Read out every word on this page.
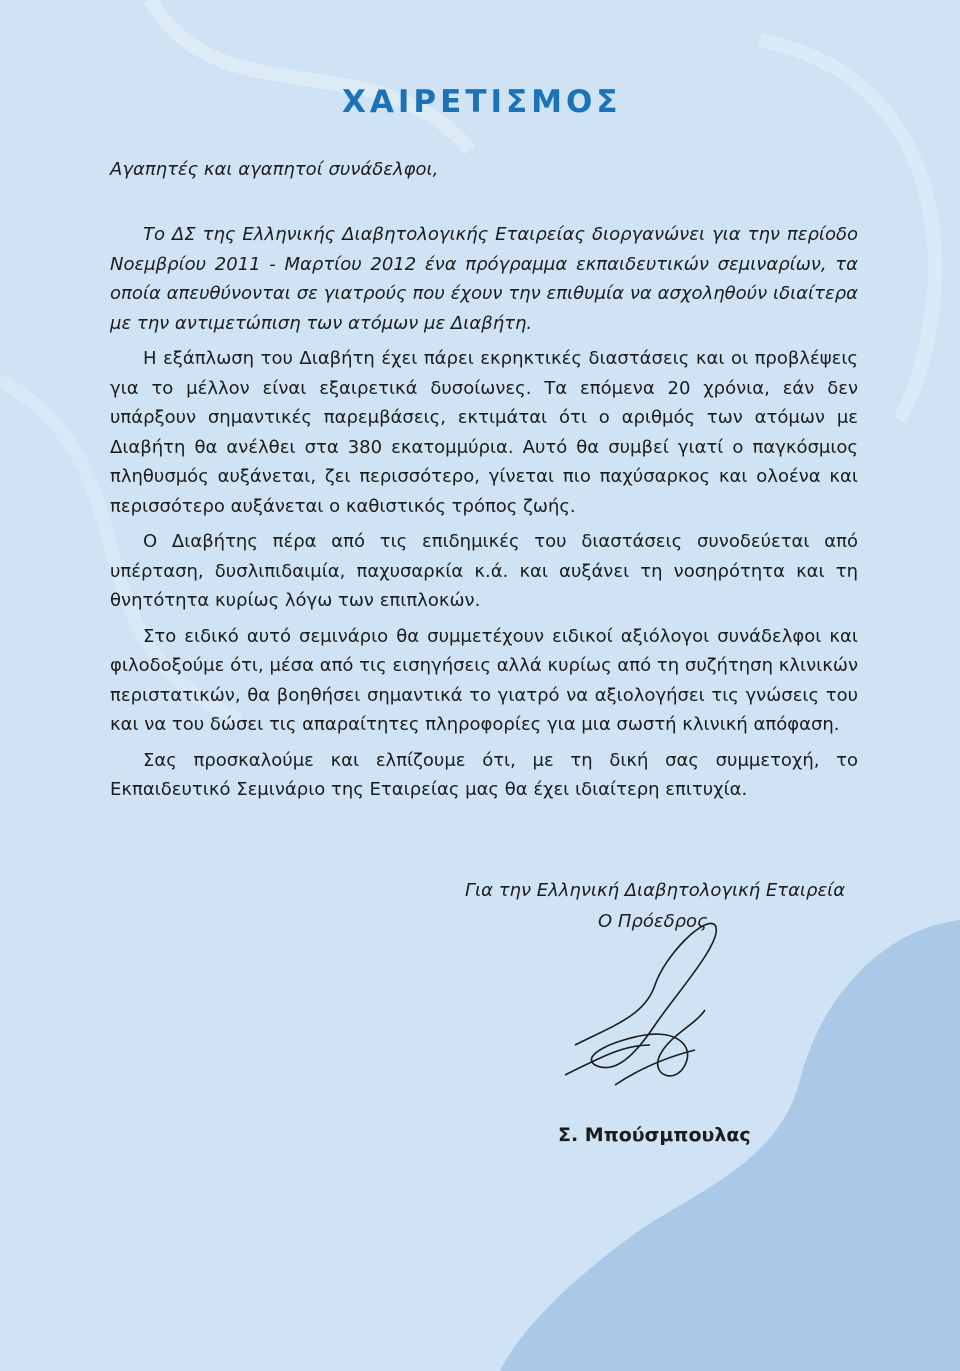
ΧΑΙΡΕΤΙΣΜΟΣ

Αγαπητές και αγαπητοί συνάδελφοι,

Το ΔΣ της Ελληνικής Διαβητολογικής Εταιρείας διοργανώνει για την περίοδο Νοεμβρίου 2011 - Μαρτίου 2012 ένα πρόγραμμα εκπαιδευτικών σεμιναρίων, τα οποία απευθύνονται σε γιατρούς που έχουν την επιθυμία να ασχοληθούν ιδιαίτερα με την αντιμετώπιση των ατόμων με Διαβήτη.

Η εξάπλωση του Διαβήτη έχει πάρει εκρηκτικές διαστάσεις και οι προβλέψεις για το μέλλον είναι εξαιρετικά δυσοίωνες. Τα επόμενα 20 χρόνια, εάν δεν υπάρξουν σημαντικές παρεμβάσεις, εκτιμάται ότι ο αριθμός των ατόμων με Διαβήτη θα ανέλθει στα 380 εκατομμύρια. Αυτό θα συμβεί γιατί ο παγκόσμιος πληθυσμός αυξάνεται, ζει περισσότερο, γίνεται πιο παχύσαρκος και ολοένα και περισσότερο αυξάνεται ο καθιστικός τρόπος ζωής.

Ο Διαβήτης πέρα από τις επιδημικές του διαστάσεις συνοδεύεται από υπέρταση, δυσλιπιδαιμία, παχυσαρκία κ.ά. και αυξάνει τη νοσηρότητα και τη θνητότητα κυρίως λόγω των επιπλοκών.

Στο ειδικό αυτό σεμινάριο θα συμμετέχουν ειδικοί αξιόλογοι συνάδελφοι και φιλοδοξούμε ότι, μέσα από τις εισηγήσεις αλλά κυρίως από τη συζήτηση κλινικών περιστατικών, θα βοηθήσει σημαντικά το γιατρό να αξιολογήσει τις γνώσεις του και να του δώσει τις απαραίτητες πληροφορίες για μια σωστή κλινική απόφαση.

Σας προσκαλούμε και ελπίζουμε ότι, με τη δική σας συμμετοχή, το Εκπαιδευτικό Σεμινάριο της Εταιρείας μας θα έχει ιδιαίτερη επιτυχία.

Για την Ελληνική Διαβητολογική Εταιρεία

Ο Πρόεδρος

Σ. Μπούσμπουλας
